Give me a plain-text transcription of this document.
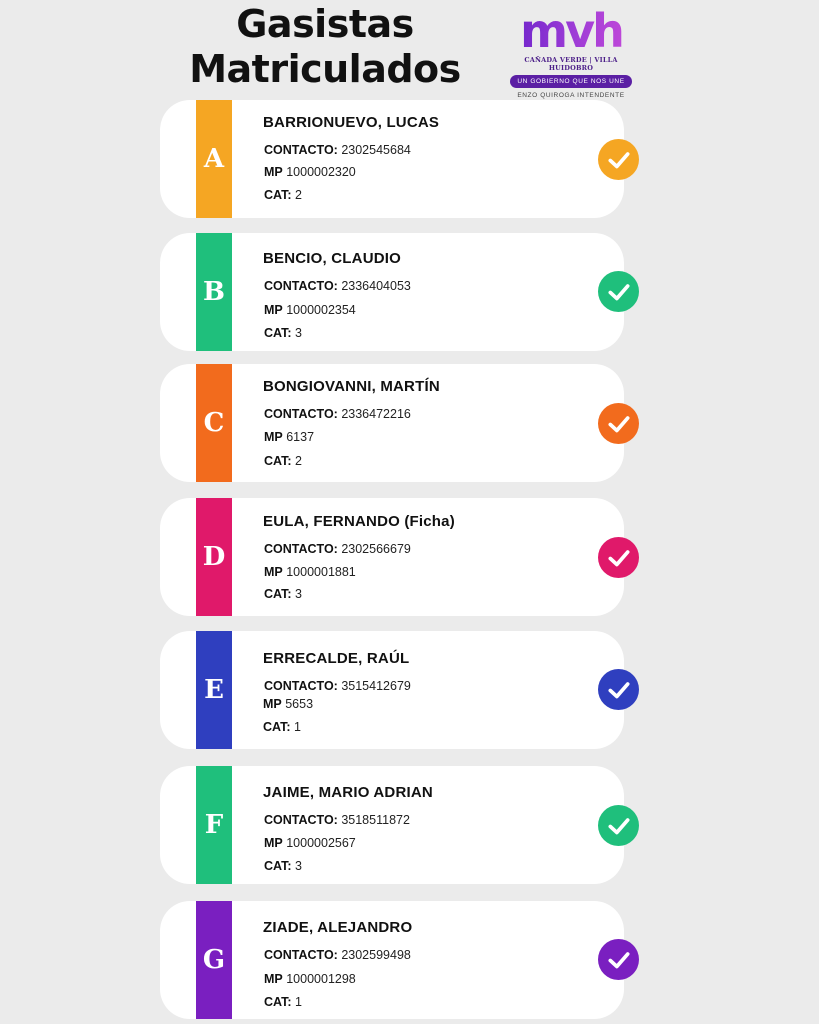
Gasistas
Matriculados
mvh
CAÑADA VERDE | VILLA HUIDOBRO
UN GOBIERNO QUE NOS UNE
ENZO QUIROGA INTENDENTE
A
BARRIONUEVO, LUCAS
CONTACTO: 2302545684
MP 1000002320
CAT: 2
B
BENCIO, CLAUDIO
CONTACTO: 2336404053
MP 1000002354
CAT: 3
C
BONGIOVANNI, MARTÍN
CONTACTO: 2336472216
MP 6137
CAT: 2
D
EULA, FERNANDO (Ficha)
CONTACTO: 2302566679
MP 1000001881
CAT: 3
E
ERRECALDE, RAÚL
CONTACTO: 3515412679
MP 5653
CAT: 1
F
JAIME, MARIO ADRIAN
CONTACTO: 3518511872
MP 1000002567
CAT: 3
G
ZIADE, ALEJANDRO
CONTACTO: 2302599498
MP 1000001298
CAT: 1
